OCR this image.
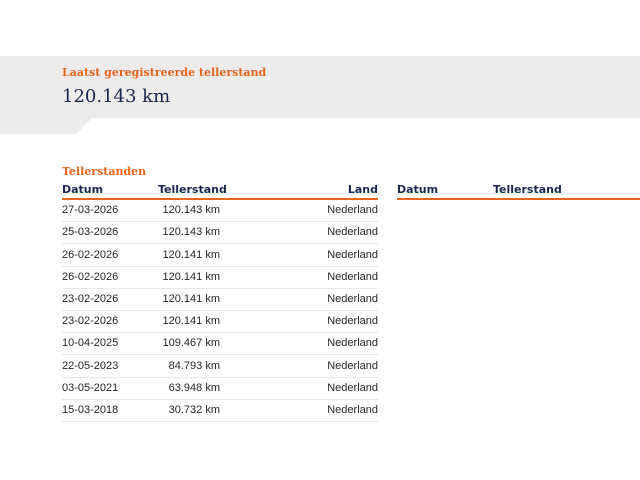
Laatst geregistreerde tellerstand
120.143 km
Tellerstanden
Datum	Tellerstand	Land
27-03-2026	120.143 km	Nederland
25-03-2026	120.143 km	Nederland
26-02-2026	120.141 km	Nederland
26-02-2026	120.141 km	Nederland
23-02-2026	120.141 km	Nederland
23-02-2026	120.141 km	Nederland
10-04-2025	109.467 km	Nederland
22-05-2023	84.793 km	Nederland
03-05-2021	63.948 km	Nederland
15-03-2018	30.732 km	Nederland
Datum	Tellerstand
